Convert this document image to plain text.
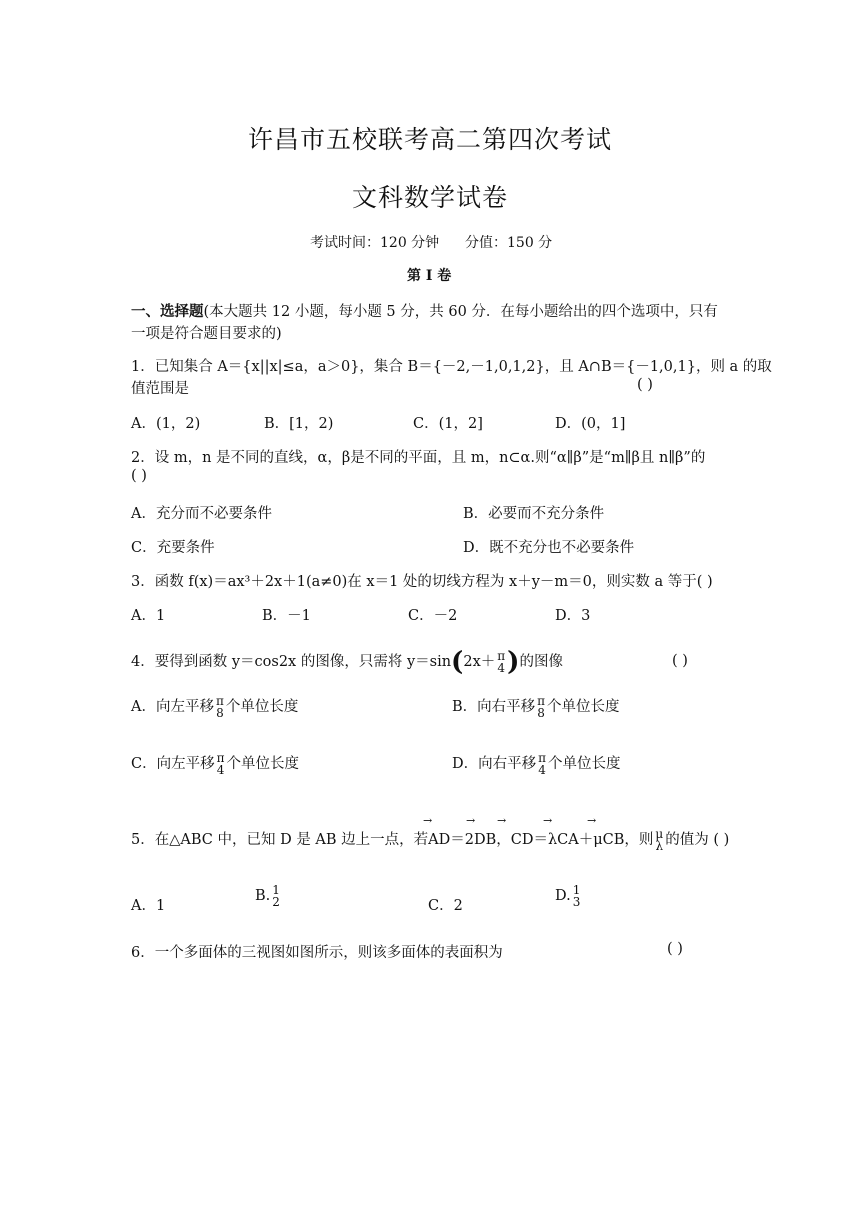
许昌市五校联考高二第四次考试
文科数学试卷
考试时间：120 分钟 分值：150 分
第 Ⅰ 卷
一、选择题(本大题共 12 小题，每小题 5 分，共 60 分．在每小题给出的四个选项中，只有
一项是符合题目要求的)
1．已知集合 A＝{x||x|≤a，a＞0}，集合 B＝{－2,－1,0,1,2}，且 A∩B＝{－1,0,1}，则 a 的取
值范围是	( )
A．(1，2)	B．[1，2)	C．(1，2]	D．(0，1]
2．设 m，n 是不同的直线，α，β是不同的平面，且 m，n⊂α.则“α∥β”是“m∥β且 n∥β”的
( )
A．充分而不必要条件	B．必要而不充分条件
C．充要条件	D．既不充分也不必要条件
3．函数 f(x)＝ax³＋2x＋1(a≠0)在 x＝1 处的切线方程为 x＋y－m＝0，则实数 a 等于( )
A．1	B．－1	C．－2	D．3
4．要得到函数 y＝cos2x 的图像，只需将 y＝sin(2x＋ π
4 )的图像	( )
A．向左平移 π
8 个单位长度	B．向右平移 π
8 个单位长度
C．向左平移 π
4 个单位长度	D．向右平移 π
4 个单位长度
→	→ →	→	→
5．在△ABC 中，已知 D 是 AB 边上一点，若AD＝2DB，CD＝λCA＋μCB，则 μ
λ 的值为 ( )
A．1
B. 1
2	C．2
D. 1
3
6．一个多面体的三视图如图所示，则该多面体的表面积为	( )
